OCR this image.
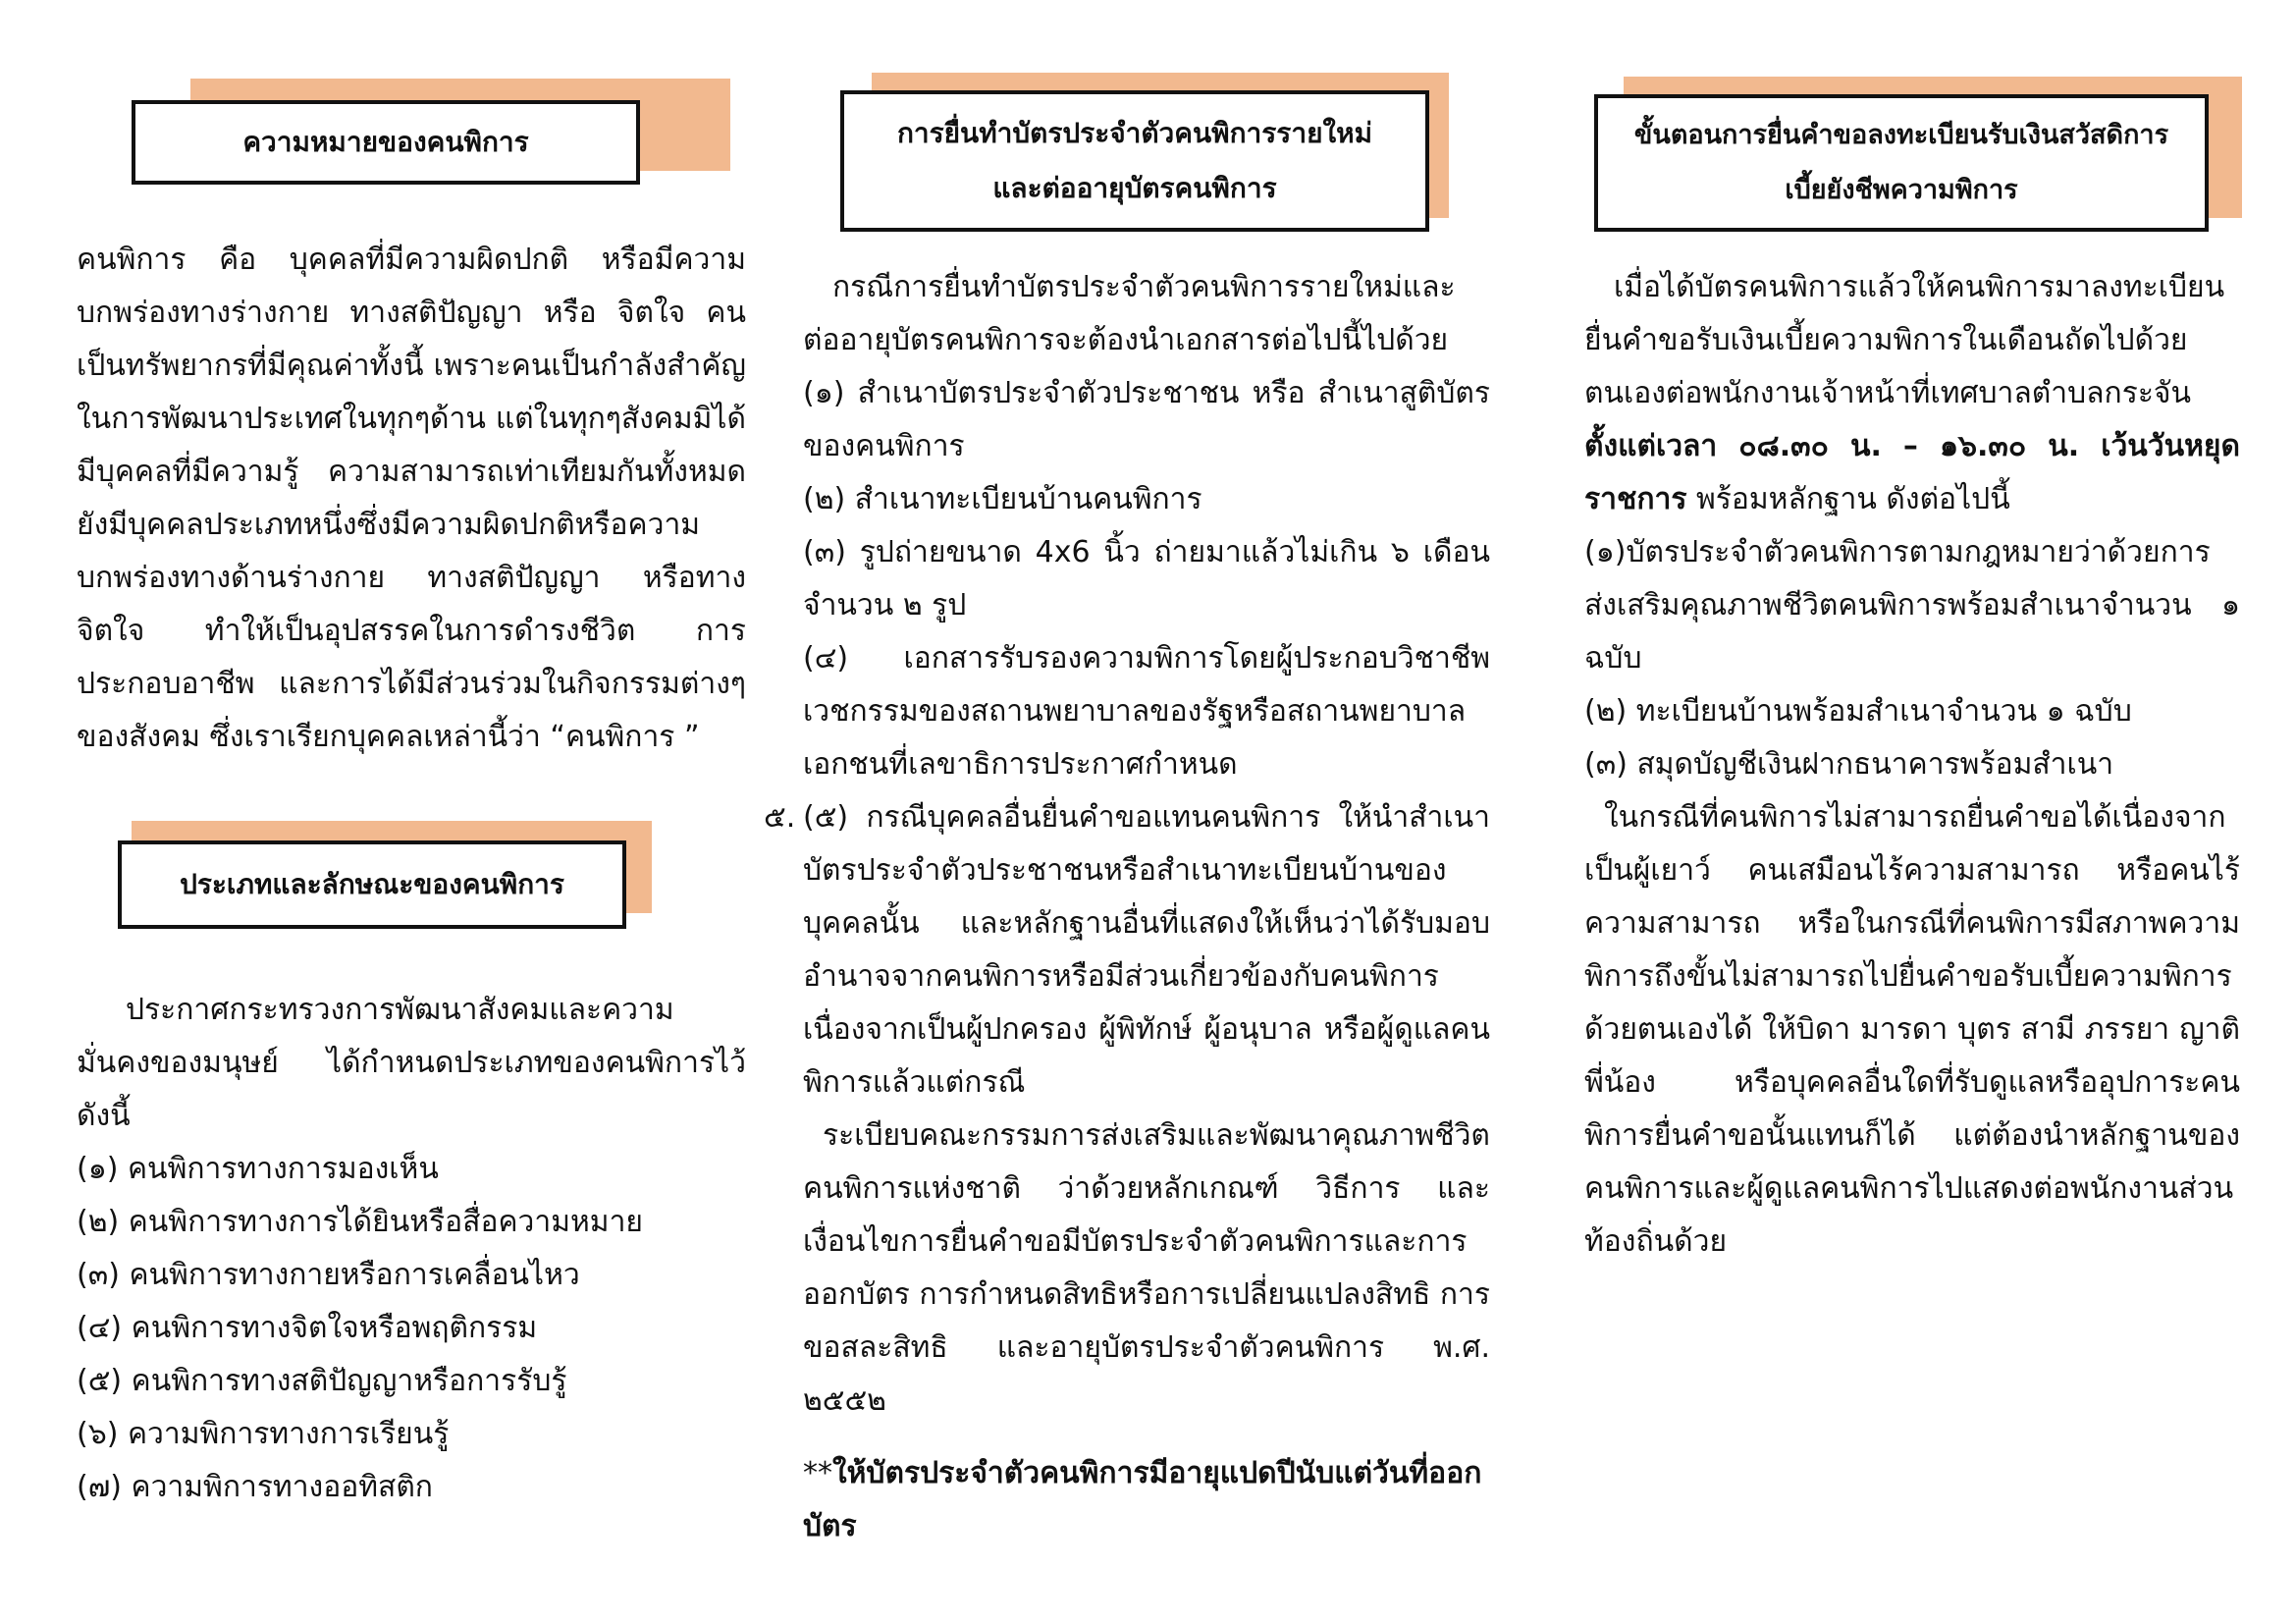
ความหมายของคนพิการ

คนพิการ คือ บุคคลที่มีความผิดปกติ หรือมีความบกพร่องทางร่างกาย ทางสติปัญญา หรือ จิตใจ คนเป็นทรัพยากรที่มีคุณค่าทั้งนี้ เพราะคนเป็นกำลังสำคัญในการพัฒนาประเทศในทุกๆด้าน แต่ในทุกๆสังคมมิได้มีบุคคลที่มีความรู้ ความสามารถเท่าเทียมกันทั้งหมดยังมีบุคคลประเภทหนึ่งซึ่งมีความผิดปกติหรือความบกพร่องทางด้านร่างกาย ทางสติปัญญา หรือทางจิตใจ ทำให้เป็นอุปสรรคในการดำรงชีวิต การประกอบอาชีพ และการได้มีส่วนร่วมในกิจกรรมต่างๆของสังคม ซึ่งเราเรียกบุคคลเหล่านี้ว่า “คนพิการ ”

ประเภทและลักษณะของคนพิการ

ประกาศกระทรวงการพัฒนาสังคมและความมั่นคงของมนุษย์ ได้กำหนดประเภทของคนพิการไว้ ดังนี้

(๑) คนพิการทางการมองเห็น

(๒) คนพิการทางการได้ยินหรือสื่อความหมาย

(๓) คนพิการทางกายหรือการเคลื่อนไหว

(๔) คนพิการทางจิตใจหรือพฤติกรรม

(๕) คนพิการทางสติปัญญาหรือการรับรู้

(๖) ความพิการทางการเรียนรู้

(๗) ความพิการทางออทิสติก

การยื่นทำบัตรประจำตัวคนพิการรายใหม่
และต่ออายุบัตรคนพิการ

กรณีการยื่นทำบัตรประจำตัวคนพิการรายใหม่และต่ออายุบัตรคนพิการจะต้องนำเอกสารต่อไปนี้ไปด้วย

(๑) สำเนาบัตรประจำตัวประชาชน หรือ สำเนาสูติบัตรของคนพิการ

(๒) สำเนาทะเบียนบ้านคนพิการ

(๓) รูปถ่ายขนาด 4x6 นิ้ว ถ่ายมาแล้วไม่เกิน ๖ เดือน จำนวน ๒ รูป

(๔) เอกสารรับรองความพิการโดยผู้ประกอบวิชาชีพเวชกรรมของสถานพยาบาลของรัฐหรือสถานพยาบาลเอกชนที่เลขาธิการประกาศกำหนด

๕. (๕) กรณีบุคคลอื่นยื่นคำขอแทนคนพิการ ให้นำสำเนาบัตรประจำตัวประชาชนหรือสำเนาทะเบียนบ้านของบุคคลนั้น และหลักฐานอื่นที่แสดงให้เห็นว่าได้รับมอบอำนาจจากคนพิการหรือมีส่วนเกี่ยวข้องกับคนพิการเนื่องจากเป็นผู้ปกครอง ผู้พิทักษ์ ผู้อนุบาล หรือผู้ดูแลคนพิการแล้วแต่กรณี

ระเบียบคณะกรรมการส่งเสริมและพัฒนาคุณภาพชีวิตคนพิการแห่งชาติ ว่าด้วยหลักเกณฑ์ วิธีการ และเงื่อนไขการยื่นคำขอมีบัตรประจำตัวคนพิการและการออกบัตร การกำหนดสิทธิหรือการเปลี่ยนแปลงสิทธิ การขอสละสิทธิ และอายุบัตรประจำตัวคนพิการ พ.ศ. ๒๕๕๒

**ให้บัตรประจำตัวคนพิการมีอายุแปดปีนับแต่วันที่ออกบัตร

ขั้นตอนการยื่นคำขอลงทะเบียนรับเงินสวัสดิการ
เบี้ยยังชีพความพิการ

เมื่อได้บัตรคนพิการแล้วให้คนพิการมาลงทะเบียนยื่นคำขอรับเงินเบี้ยความพิการในเดือนถัดไปด้วยตนเองต่อพนักงานเจ้าหน้าที่เทศบาลตำบลกระจัน ตั้งแต่เวลา ๐๘.๓๐ น. – ๑๖.๓๐ น. เว้นวันหยุดราชการ พร้อมหลักฐาน ดังต่อไปนี้

(๑)บัตรประจำตัวคนพิการตามกฎหมายว่าด้วยการส่งเสริมคุณภาพชีวิตคนพิการพร้อมสำเนาจำนวน ๑ ฉบับ

(๒) ทะเบียนบ้านพร้อมสำเนาจำนวน ๑ ฉบับ

(๓) สมุดบัญชีเงินฝากธนาคารพร้อมสำเนา

ในกรณีที่คนพิการไม่สามารถยื่นคำขอได้เนื่องจากเป็นผู้เยาว์ คนเสมือนไร้ความสามารถ หรือคนไร้ความสามารถ หรือในกรณีที่คนพิการมีสภาพความพิการถึงขั้นไม่สามารถไปยื่นคำขอรับเบี้ยความพิการด้วยตนเองได้ ให้บิดา มารดา บุตร สามี ภรรยา ญาติพี่น้อง หรือบุคคลอื่นใดที่รับดูแลหรืออุปการะคนพิการยื่นคำขอนั้นแทนก็ได้ แต่ต้องนำหลักฐานของคนพิการและผู้ดูแลคนพิการไปแสดงต่อพนักงานส่วนท้องถิ่นด้วย
